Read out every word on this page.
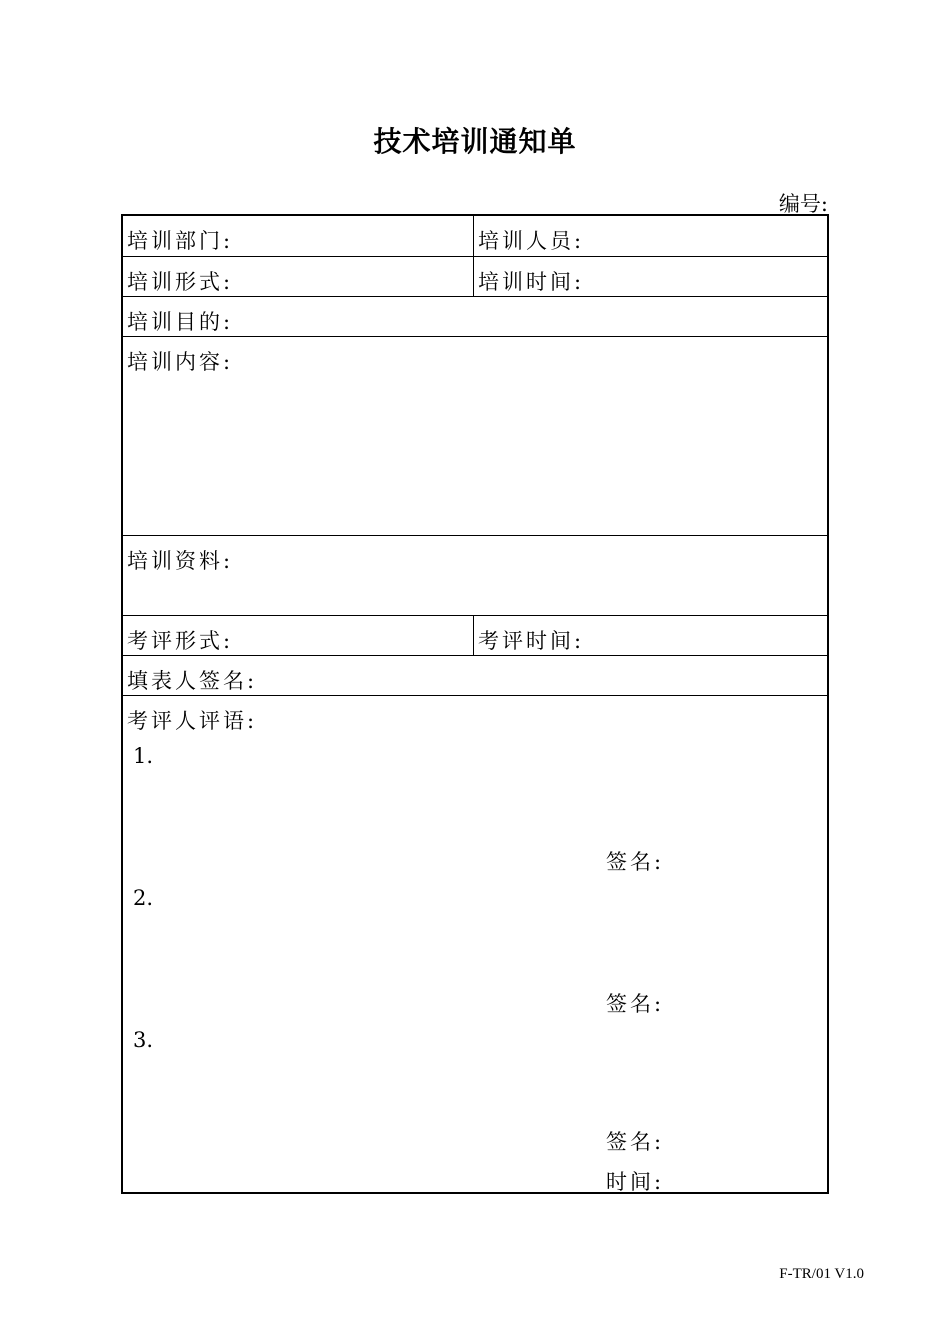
技术培训通知单
编号:
培训部门:	培训人员:
培训形式:	培训时间:
培训目的:
培训内容:
培训资料:
考评形式:	考评时间:
填表人签名:
考评人评语:
1.
签名:
2.
签名:
3.
签名:
时间:
F-TR/01 V1.0
